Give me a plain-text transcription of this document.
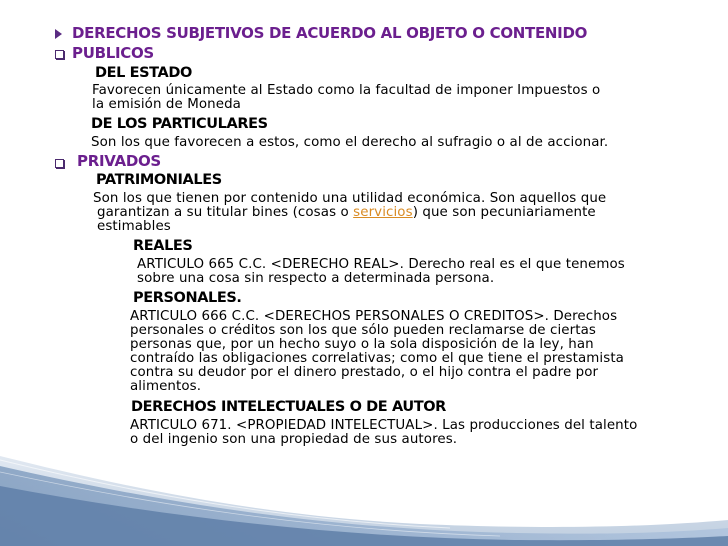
DERECHOS SUBJETIVOS DE ACUERDO AL OBJETO O CONTENIDO
PUBLICOS
DEL ESTADO
Favorecen únicamente al Estado como la facultad de imponer Impuestos o
la emisión de Moneda
DE LOS PARTICULARES
Son los que favorecen a estos, como el derecho al sufragio o al de accionar.
PRIVADOS
PATRIMONIALES
Son los que tienen por contenido una utilidad económica. Son aquellos que
garantizan a su titular bines (cosas o servicios) que son pecuniariamente
estimables
REALES
ARTICULO 665 C.C. <DERECHO REAL>. Derecho real es el que tenemos
sobre una cosa sin respecto a determinada persona.
PERSONALES.
ARTICULO 666 C.C. <DERECHOS PERSONALES O CREDITOS>. Derechos
personales o créditos son los que sólo pueden reclamarse de ciertas
personas que, por un hecho suyo o la sola disposición de la ley, han
contraído las obligaciones correlativas; como el que tiene el prestamista
contra su deudor por el dinero prestado, o el hijo contra el padre por
alimentos.
DERECHOS INTELECTUALES O DE AUTOR
ARTICULO 671. <PROPIEDAD INTELECTUAL>. Las producciones del talento
o del ingenio son una propiedad de sus autores.
